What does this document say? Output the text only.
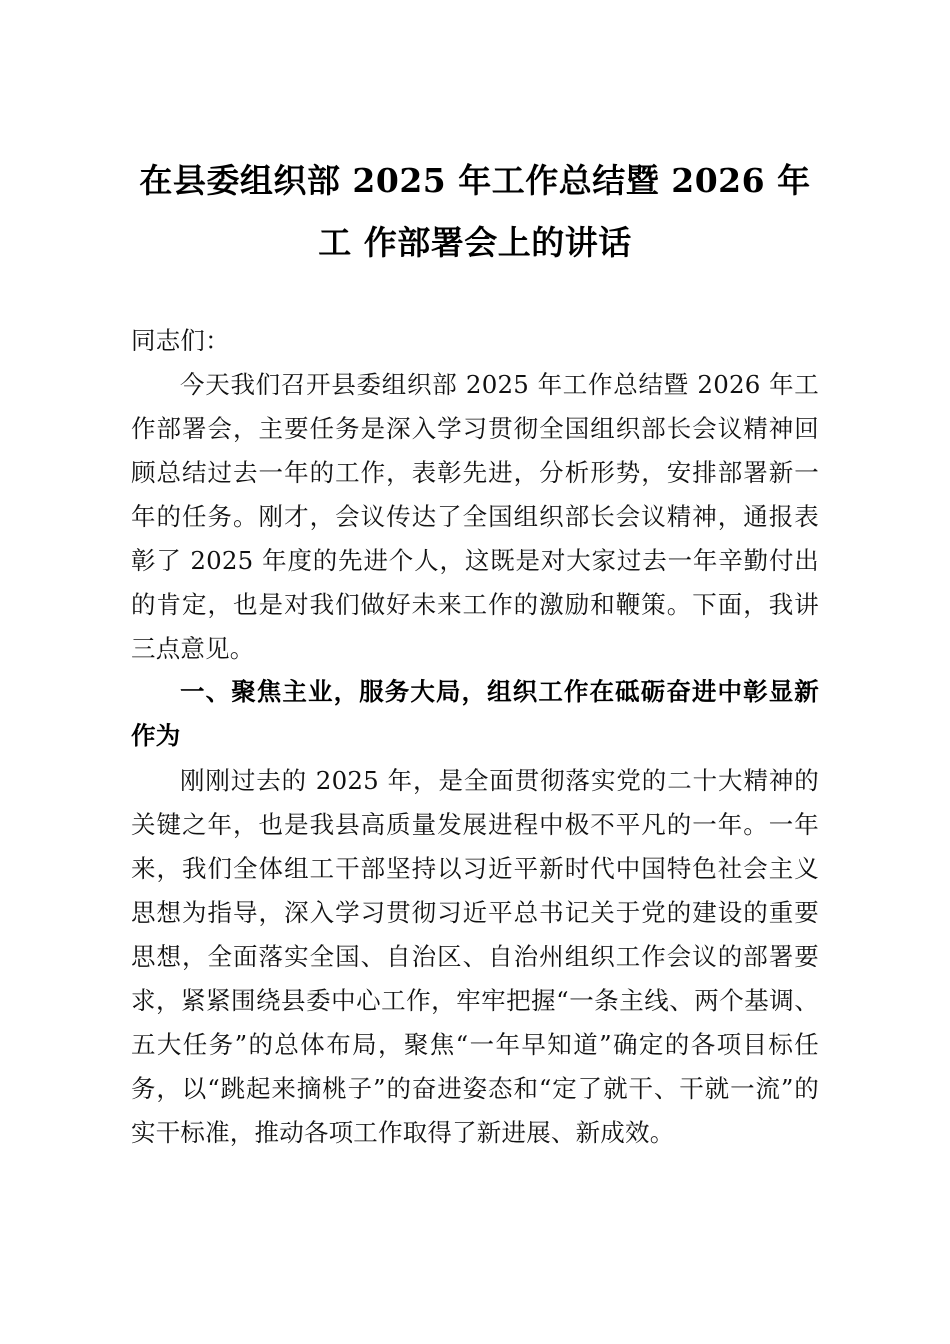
在县委组织部 2025 年工作总结暨 2026 年工 作部署会上的讲话

同志们：

今天我们召开县委组织部 2025 年工作总结暨 2026 年工作部署会，主要任务是深入学习贯彻全国组织部长会议精神回顾总结过去一年的工作，表彰先进，分析形势，安排部署新一年的任务。刚才，会议传达了全国组织部长会议精神，通报表彰了 2025 年度的先进个人，这既是对大家过去一年辛勤付出的肯定，也是对我们做好未来工作的激励和鞭策。下面，我讲三点意见。

一、聚焦主业，服务大局，组织工作在砥砺奋进中彰显新作为

刚刚过去的 2025 年，是全面贯彻落实党的二十大精神的关键之年，也是我县高质量发展进程中极不平凡的一年。一年来，我们全体组工干部坚持以习近平新时代中国特色社会主义思想为指导，深入学习贯彻习近平总书记关于党的建设的重要思想，全面落实全国、自治区、自治州组织工作会议的部署要求，紧紧围绕县委中心工作，牢牢把握“一条主线、两个基调、五大任务”的总体布局，聚焦“一年早知道”确定的各项目标任务，以“跳起来摘桃子”的奋进姿态和“定了就干、干就一流”的实干标准，推动各项工作取得了新进展、新成效。
